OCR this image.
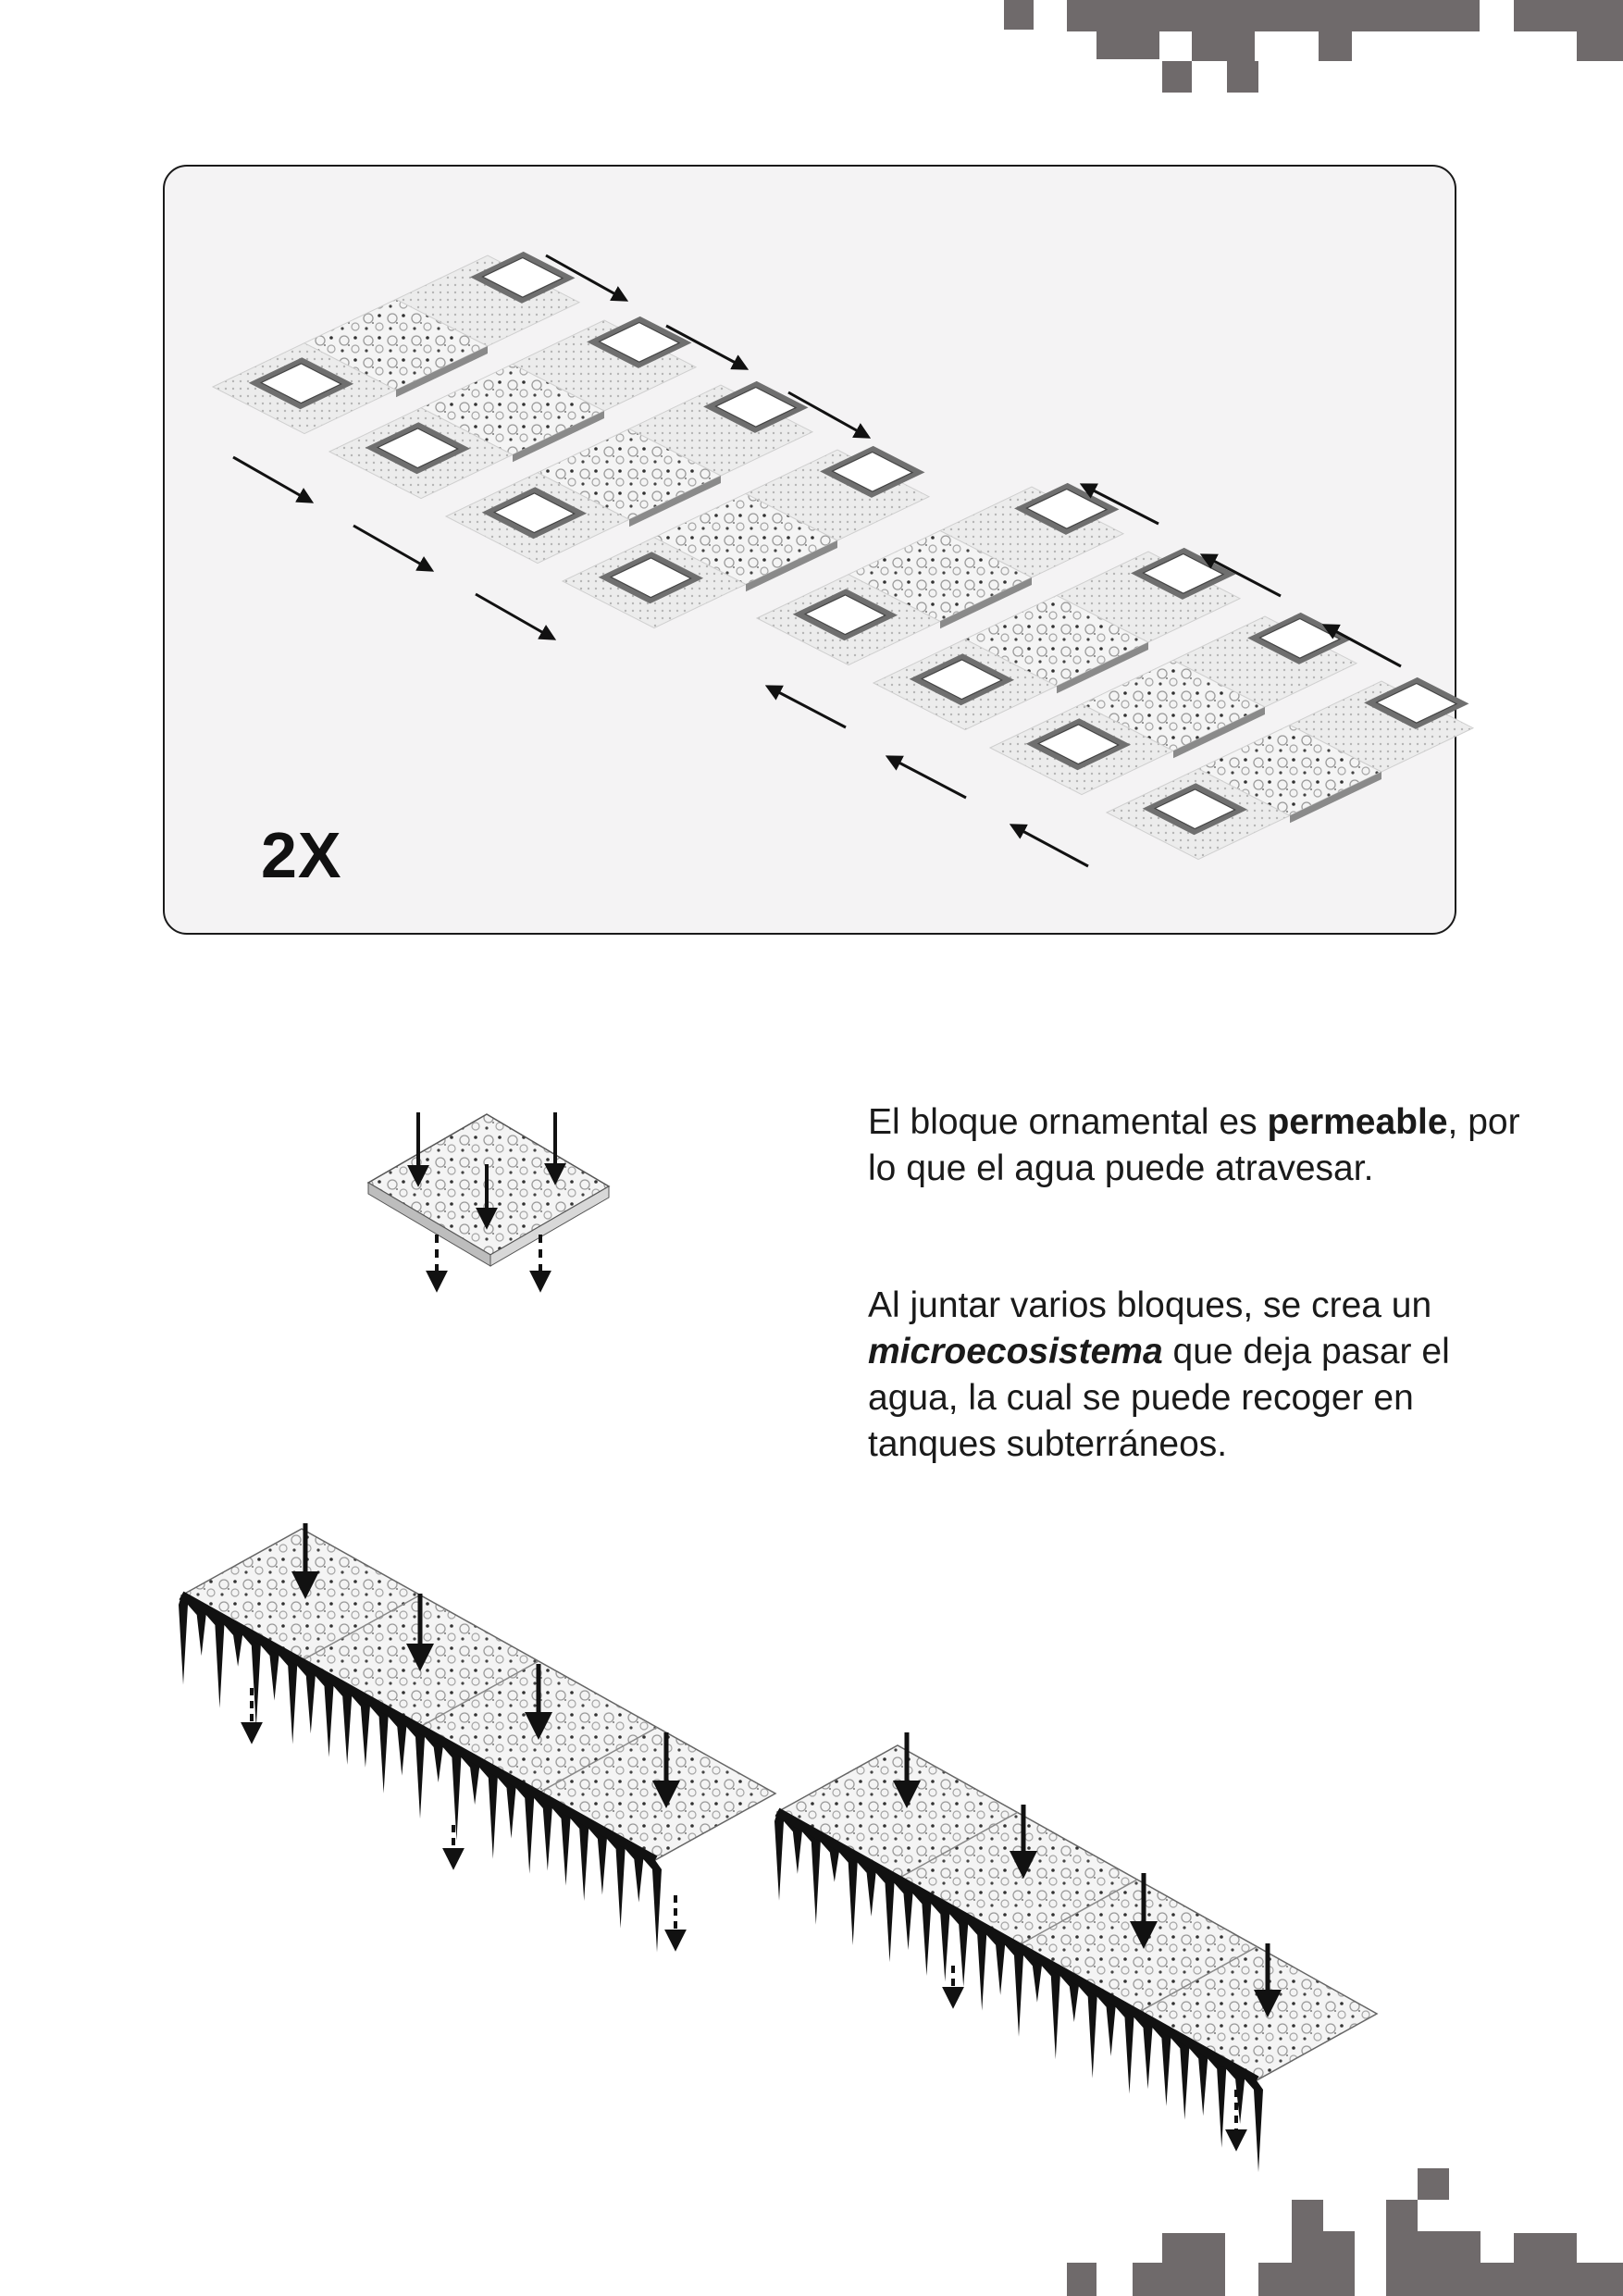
2X

El bloque ornamental es permeable, por lo que el agua puede atravesar.

Al juntar varios bloques, se crea un microecosistema que deja pasar el agua, la cual se puede recoger en tanques subterráneos.
